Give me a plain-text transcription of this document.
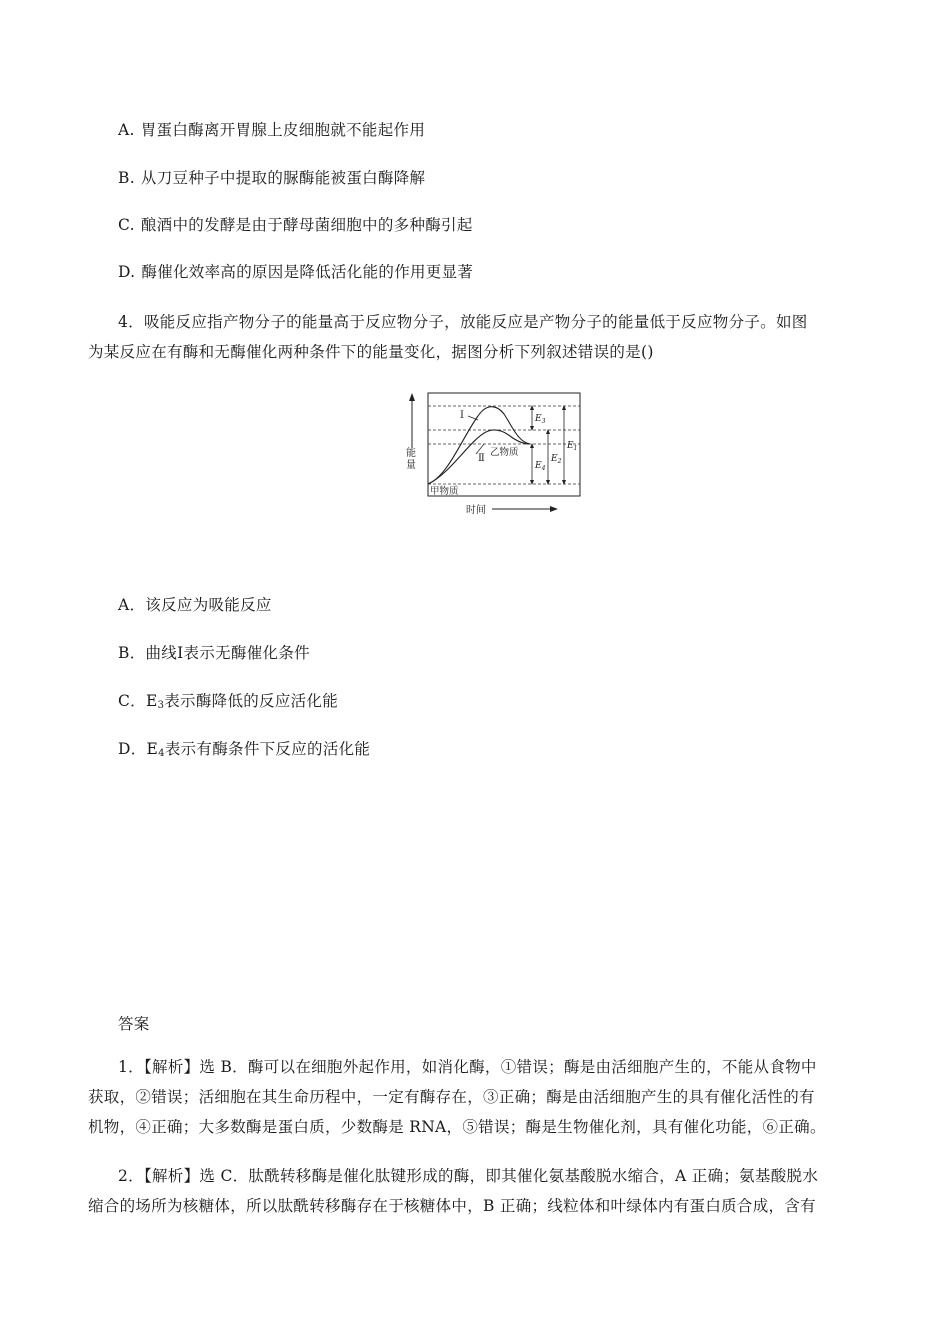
A. 胃蛋白酶离开胃腺上皮细胞就不能起作用
B. 从刀豆种子中提取的脲酶能被蛋白酶降解
C. 酿酒中的发酵是由于酵母菌细胞中的多种酶引起
D. 酶催化效率高的原因是降低活化能的作用更显著
4．吸能反应指产物分子的能量高于反应物分子，放能反应是产物分子的能量低于反应物分子。如图
为某反应在有酶和无酶催化两种条件下的能量变化，据图分析下列叙述错误的是()
能
量
Ⅰ
Ⅱ
乙物质
甲物质
$E_3$
$E_2$
$E_1$
$E_4$
时间
A．该反应为吸能反应
B．曲线Ⅰ表示无酶催化条件
C．$E_3$表示酶降低的反应活化能
D．$E_4$表示有酶条件下反应的活化能
答案
1．【解析】选 B．酶可以在细胞外起作用，如消化酶，①错误；酶是由活细胞产生的，不能从食物中
获取，②错误；活细胞在其生命历程中，一定有酶存在，③正确；酶是由活细胞产生的具有催化活性的有
机物，④正确；大多数酶是蛋白质，少数酶是 RNA，⑤错误；酶是生物催化剂，具有催化功能，⑥正确。
2．【解析】选 C．肽酰转移酶是催化肽键形成的酶，即其催化氨基酸脱水缩合，A 正确；氨基酸脱水
缩合的场所为核糖体，所以肽酰转移酶存在于核糖体中，B 正确；线粒体和叶绿体内有蛋白质合成，含有
